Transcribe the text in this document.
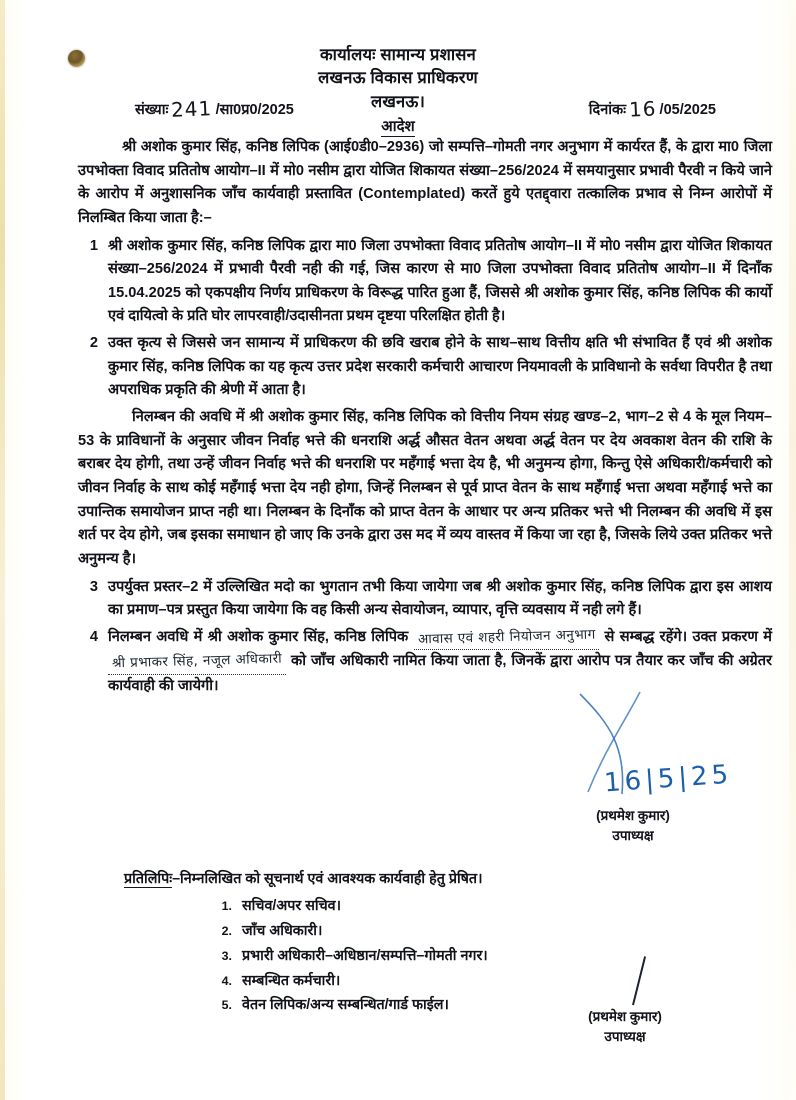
कार्यालयः सामान्य प्रशासन
लखनऊ विकास प्राधिकरण
लखनऊ।
संख्याः 241 /सा0प्र0/2025	दिनांकः 16 /05/2025
आदेश

श्री अशोक कुमार सिंह, कनिष्ठ लिपिक (आई0डी0–2936) जो सम्पत्ति–गोमती नगर अनुभाग में कार्यरत हैं, के द्वारा मा0 जिला उपभोक्ता विवाद प्रतितोष आयोग–II में मो0 नसीम द्वारा योजित शिकायत संख्या–256/2024 में समयानुसार प्रभावी पैरवी न किये जाने के आरोप में अनुशासनिक जॉंच कार्यवाही प्रस्तावित (Contemplated) करतें हुये एतद्द्वारा तत्कालिक प्रभाव से निम्न आरोपों में निलम्बित किया जाता है:–

1 श्री अशोक कुमार सिंह, कनिष्ठ लिपिक द्वारा मा0 जिला उपभोक्ता विवाद प्रतितोष आयोग–II में मो0 नसीम द्वारा योजित शिकायत संख्या–256/2024 में प्रभावी पैरवी नही की गई, जिस कारण से मा0 जिला उपभोक्ता विवाद प्रतितोष आयोग–II में दिनॉंक 15.04.2025 को एकपक्षीय निर्णय प्राधिकरण के विरूद्ध पारित हुआ हैं, जिससे श्री अशोक कुमार सिंह, कनिष्ठ लिपिक की कार्यो एवं दायित्वो के प्रति घोर लापरवाही/उदासीनता प्रथम दृष्टया परिलक्षित होती है।
2 उक्त कृत्य से जिससे जन सामान्य में प्राधिकरण की छवि खराब होने के साथ–साथ वित्तीय क्षति भी संभावित हैं एवं श्री अशोक कुमार सिंह, कनिष्ठ लिपिक का यह कृत्य उत्तर प्रदेश सरकारी कर्मचारी आचारण नियमावली के प्राविधानो के सर्वथा विपरीत है तथा अपराधिक प्रकृति की श्रेणी में आता है।

निलम्बन की अवधि में श्री अशोक कुमार सिंह, कनिष्ठ लिपिक को वित्तीय नियम संग्रह खण्ड–2, भाग–2 से 4 के मूल नियम–53 के प्राविधानों के अनुसार जीवन निर्वाह भत्ते की धनराशि अर्द्ध औसत वेतन अथवा अर्द्ध वेतन पर देय अवकाश वेतन की राशि के बराबर देय होगी, तथा उन्हें जीवन निर्वाह भत्ते की धनराशि पर महॅंगाई भत्ता देय है, भी अनुमन्य होगा, किन्तु ऐसे अधिकारी/कर्मचारी को जीवन निर्वाह के साथ कोई महॅंगाई भत्ता देय नही होगा, जिन्हें निलम्बन से पूर्व प्राप्त वेतन के साथ महॅंगाई भत्ता अथवा महॅंगाई भत्ते का उपान्तिक समायोजन प्राप्त नही था। निलम्बन के दिनॉंक को प्राप्त वेतन के आधार पर अन्य प्रतिकर भत्ते भी निलम्बन की अवधि में इस शर्त पर देय होगे, जब इसका समाधान हो जाए कि उनके द्वारा उस मद में व्यय वास्तव में किया जा रहा है, जिसके लिये उक्त प्रतिकर भत्ते अनुमन्य है।

3 उपर्युक्त प्रस्तर–2 में उल्लिखित मदो का भुगतान तभी किया जायेगा जब श्री अशोक कुमार सिंह, कनिष्ठ लिपिक द्वारा इस आशय का प्रमाण–पत्र प्रस्तुत किया जायेगा कि वह किसी अन्य सेवायोजन, व्यापार, वृत्ति व्यवसाय में नही लगे हैं।
4 निलम्बन अवधि में श्री अशोक कुमार सिंह, कनिष्ठ लिपिक आवास एवं शहरी नियोजन अनुभाग से सम्बद्ध रहेंगे। उक्त प्रकरण में श्री प्रभाकर सिंह, नजूल अधिकारी को जॉंच अधिकारी नामित किया जाता है, जिनकें द्वारा आरोप पत्र तैयार कर जॉंच की अग्रेतर कार्यवाही की जायेगी।
16|5|25
(प्रथमेश कुमार)
उपाध्यक्ष
प्रतिलिपिः–निम्नलिखित को सूचनार्थ एवं आवश्यक कार्यवाही हेतु प्रेषित।
1. सचिव/अपर सचिव।
2. जॉंच अधिकारी।
3. प्रभारी अधिकारी–अधिष्ठान/सम्पत्ति–गोमती नगर।
4. सम्बन्धित कर्मचारी।
5. वेतन लिपिक/अन्य सम्बन्धित/गार्ड फाईल।
(प्रथमेश कुमार)
उपाध्यक्ष
